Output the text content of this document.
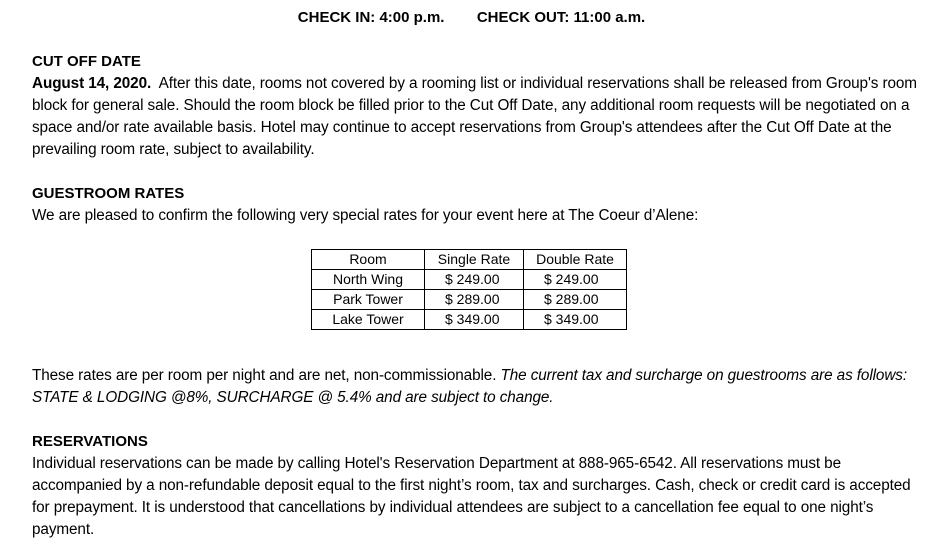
CHECK IN: 4:00 p.m. CHECK OUT: 11:00 a.m.

CUT OFF DATE

August 14, 2020. After this date, rooms not covered by a rooming list or individual reservations shall be released from Group's room block for general sale. Should the room block be filled prior to the Cut Off Date, any additional room requests will be negotiated on a space and/or rate available basis. Hotel may continue to accept reservations from Group's attendees after the Cut Off Date at the prevailing room rate, subject to availability.

GUESTROOM RATES

We are pleased to confirm the following very special rates for your event here at The Coeur d’Alene:

Room	Single Rate	Double Rate
North Wing	$ 249.00	$ 249.00
Park Tower	$ 289.00	$ 289.00
Lake Tower	$ 349.00	$ 349.00

These rates are per room per night and are net, non-commissionable. The current tax and surcharge on guestrooms are as follows: STATE & LODGING @8%, SURCHARGE @ 5.4% and are subject to change.

RESERVATIONS

Individual reservations can be made by calling Hotel's Reservation Department at 888-965-6542. All reservations must be accompanied by a non-refundable deposit equal to the first night’s room, tax and surcharges. Cash, check or credit card is accepted for prepayment. It is understood that cancellations by individual attendees are subject to a cancellation fee equal to one night’s payment.
